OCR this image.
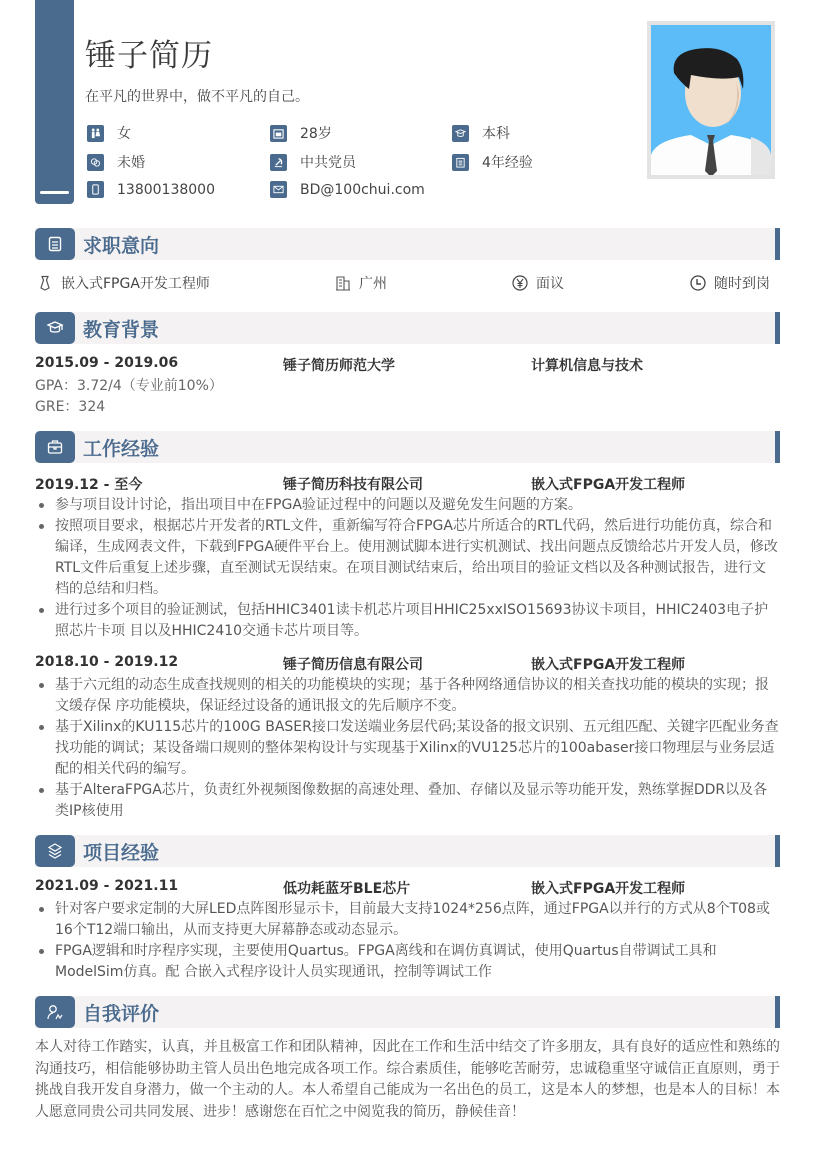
锤子简历
在平凡的世界中，做不平凡的自己。
女	28岁	本科
未婚	中共党员	4年经验
13800138000	BD@100chui.com
求职意向
嵌入式FPGA开发工程师	广州	面议	随时到岗
教育背景
2015.09 - 2019.06	锤子简历师范大学	计算机信息与技术
GPA：3.72/4（专业前10%）
GRE：324
工作经验
2019.12 - 至今	锤子简历科技有限公司	嵌入式FPGA开发工程师
参与项目设计讨论，指出项目中在FPGA验证过程中的问题以及避免发生问题的方案。
按照项目要求，根据芯片开发者的RTL文件，重新编写符合FPGA芯片所适合的RTL代码，然后进行功能仿真，综合和编译，生成网表文件，下载到FPGA硬件平台上。使用测试脚本进行实机测试、找出问题点反馈给芯片开发人员，修改RTL文件后重复上述步骤，直至测试无误结束。在项目测试结束后，给出项目的验证文档以及各种测试报告，进行文档的总结和归档。
进行过多个项目的验证测试，包括HHIC3401读卡机芯片项目HHIC25xxISO15693协议卡项目，HHIC2403电子护照芯片卡项 目以及HHIC2410交通卡芯片项目等。
2018.10 - 2019.12	锤子简历信息有限公司	嵌入式FPGA开发工程师
基于六元组的动态生成查找规则的相关的功能模块的实现；基于各种网络通信协议的相关查找功能的模块的实现；报文缓存保 序功能模块，保证经过设备的通讯报文的先后顺序不变。
基于Xilinx的KU115芯片的100G BASER接口发送端业务层代码;某设备的报文识别、五元组匹配、关键字匹配业务查找功能的调试；某设备端口规则的整体架构设计与实现基于Xilinx的VU125芯片的100abaser接口物理层与业务层适配的相关代码的编写。
基于AlteraFPGA芯片，负责红外视频图像数据的高速处理、叠加、存储以及显示等功能开发，熟练掌握DDR以及各类IP核使用
项目经验
2021.09 - 2021.11	低功耗蓝牙BLE芯片	嵌入式FPGA开发工程师
针对客户要求定制的大屏LED点阵图形显示卡，目前最大支持1024*256点阵，通过FPGA以并行的方式从8个T08或16个T12端口输出，从而支持更大屏幕静态或动态显示。
FPGA逻辑和时序程序实现，主要使用Quartus。FPGA离线和在调仿真调试，使用Quartus自带调试工具和ModelSim仿真。配 合嵌入式程序设计人员实现通讯，控制等调试工作
自我评价
本人对待工作踏实，认真，并且极富工作和团队精神，因此在工作和生活中结交了许多朋友，具有良好的适应性和熟练的沟通技巧，相信能够协助主管人员出色地完成各项工作。综合素质佳，能够吃苦耐劳，忠诚稳重坚守诚信正直原则，勇于挑战自我开发自身潜力，做一个主动的人。本人希望自己能成为一名出色的员工，这是本人的梦想，也是本人的目标！本人愿意同贵公司共同发展、进步！感谢您在百忙之中阅览我的简历，静候佳音！
